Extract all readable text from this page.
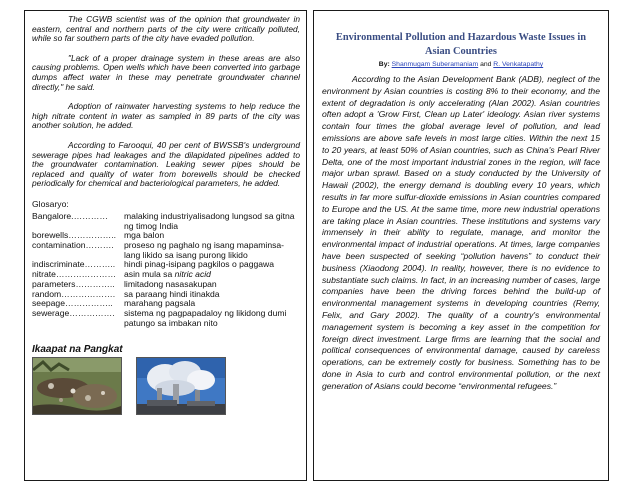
The CGWB scientist was of the opinion that groundwater in eastern, central and northern parts of the city were critically polluted, while so far southern parts of the city have evaded pollution.

"Lack of a proper drainage system in these areas are also causing problems. Open wells which have been converted into garbage dumps affect water in these may penetrate groundwater channel directly," he said.

Adoption of rainwater harvesting systems to help reduce the high nitrate content in water as sampled in 89 parts of the city was another solution, he added.

According to Farooqui, 40 per cent of BWSSB's underground sewerage pipes had leakages and the dilapidated pipelines added to the groundwater contamination. Leaking sewer pipes should be replaced and quality of water from borewells should be checked periodically for chemical and bacteriological parameters, he added.

Glosaryo:
Bangalore.…………	malaking industriyalisadong lungsod sa gitna ng timog India
borewells…………….. mga balon
contamination……….	proseso ng paghalo ng isang mapaminsa-lang likido sa isang purong likido
indiscriminate………..	hindi pinag-isipang pagkilos o paggawa
nitrate………………… asin mula sa nitric acid
parameters…………..	limitadong nasasakupan
random……………….	sa paraang hindi itinakda
seepage……………..	marahang pagsala
sewerage…………….	sistema ng pagpapadaloy ng likidong dumi patungo sa imbakan nito
Ikaapat na Pangkat
Environmental Pollution and Hazardous Waste Issues in Asian Countries
By: Shanmugam Suberamaniam and R. Venkatapathy

According to the Asian Development Bank (ADB), neglect of the environment by Asian countries is costing 8% to their economy, and the extent of degradation is only accelerating (Alan 2002). Asian countries often adopt a 'Grow First, Clean up Later' ideology. Asian river systems contain four times the global average level of pollution, and lead emissions are above safe levels in most large cities. Within the next 15 to 20 years, at least 50% of Asian countries, such as China's Pearl River Delta, one of the most important industrial zones in the region, will face major urban sprawl. Based on a study conducted by the University of Hawaii (2002), the energy demand is doubling every 10 years, which results in far more sulfur-dioxide emissions in Asian countries compared to Europe and the US. At the same time, more new industrial operations are taking place in Asian countries. These institutions and systems vary immensely in their ability to regulate, manage, and monitor the environmental impact of industrial operations. At times, large companies have been suspected of seeking “pollution havens” to conduct their business (Xiaodong 2004). In reality, however, there is no evidence to substantiate such claims. In fact, in an increasing number of cases, large companies have been the driving forces behind the build-up of environmental management systems in developing countries (Remy, Felix, and Gary 2002). The quality of a country's environmental management system is becoming a key asset in the competition for foreign direct investment. Large firms are learning that the social and political consequences of environmental damage, caused by careless operations, can be extremely costly for business. Something has to be done in Asia to curb and control environmental pollution, or the next generation of Asians could become “environmental refugees.”
